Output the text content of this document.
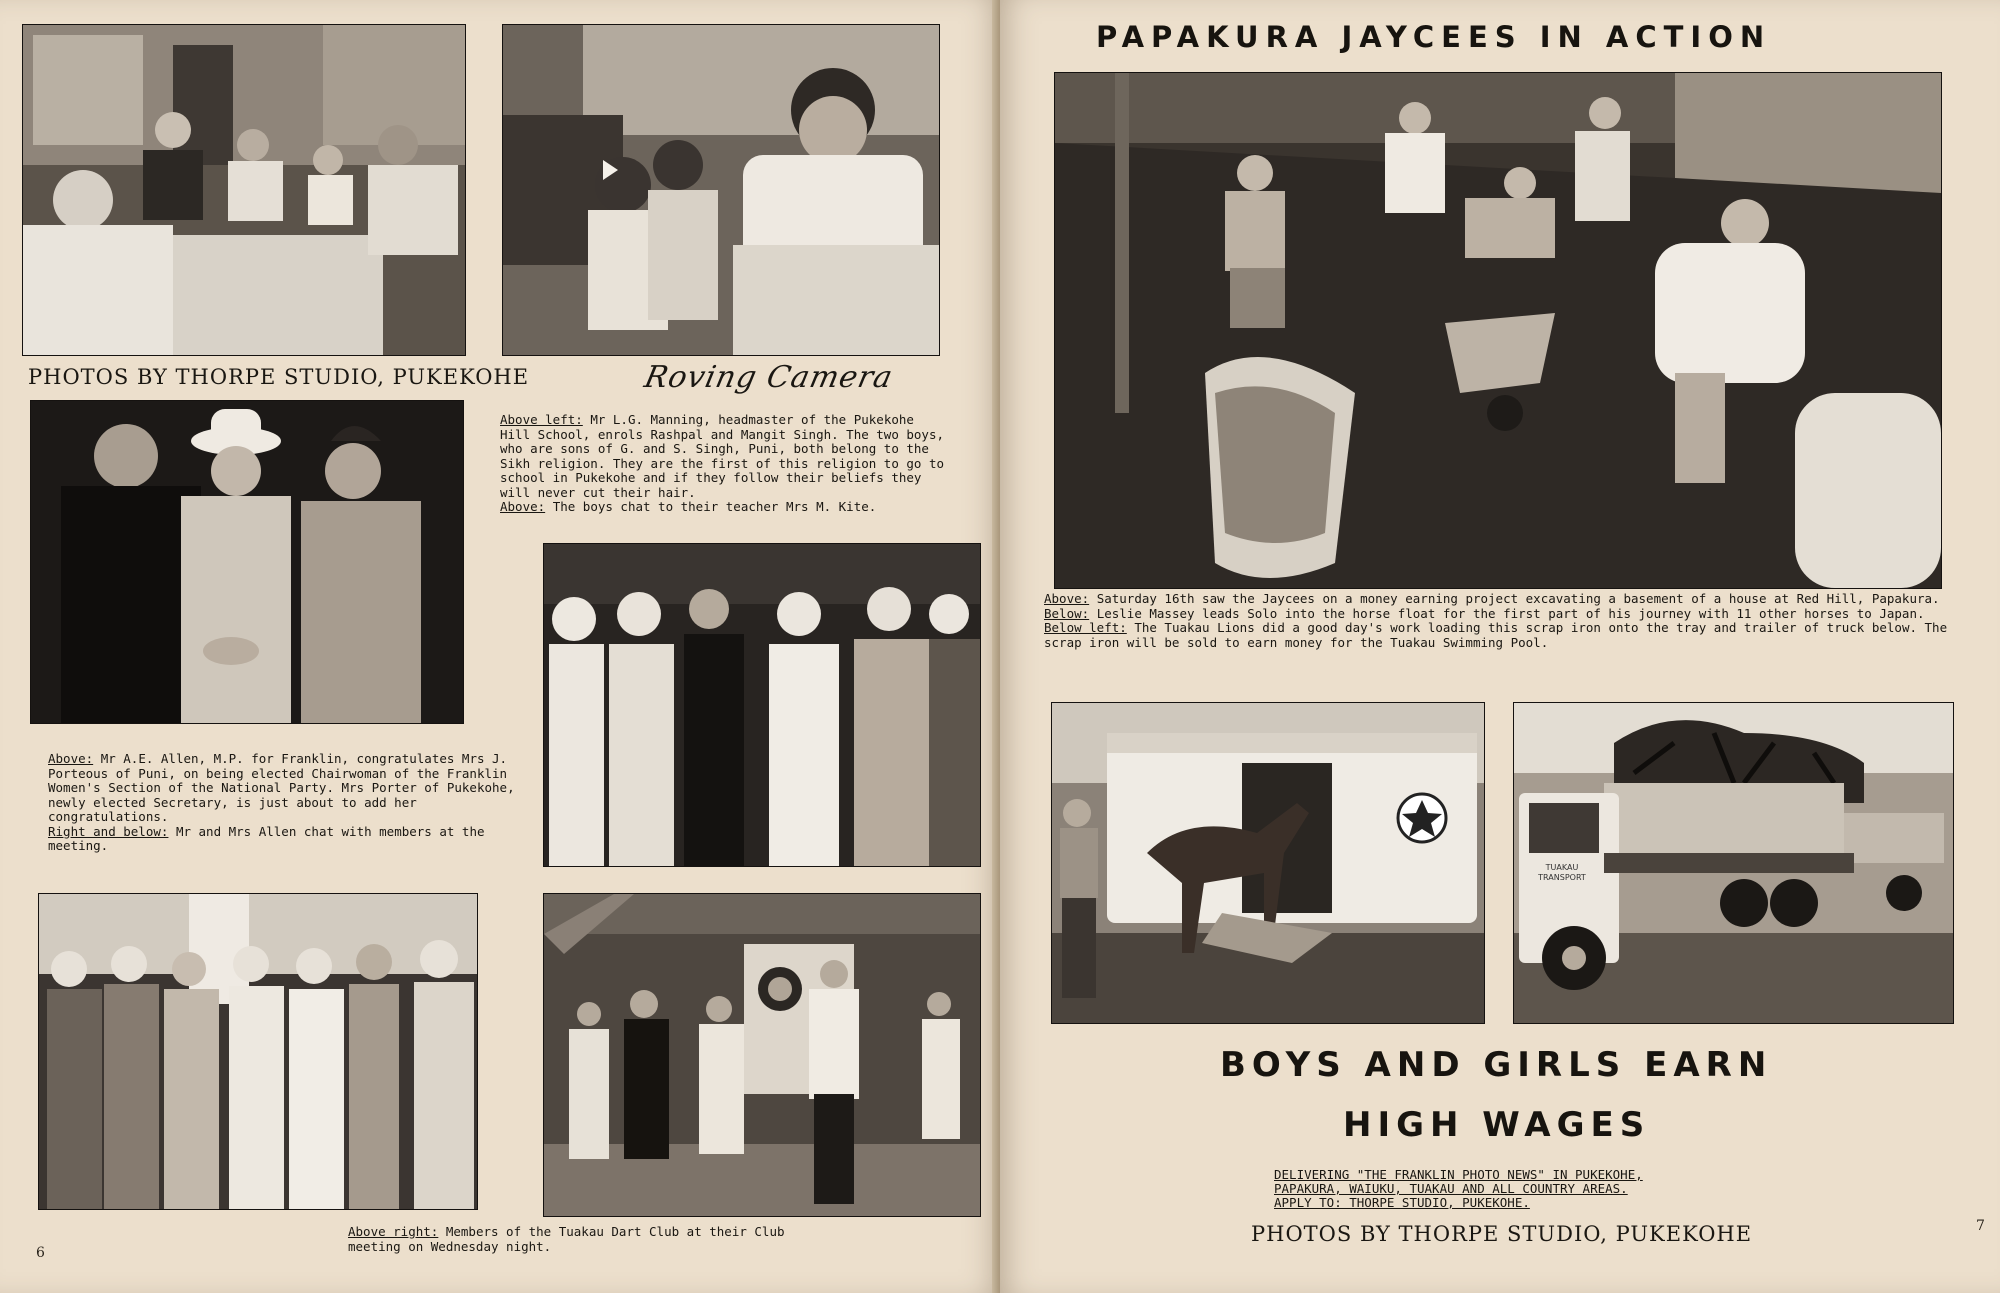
PHOTOS BY THORPE STUDIO, PUKEKOHE	Roving Camera

Above: Mr A.E. Allen, M.P. for Franklin, congratulates Mrs J. Porteous of Puni, on being elected Chairwoman of the Franklin Women's Section of the National Party. Mrs Porter of Pukekohe, newly elected Secretary, is just about to add her congratulations.

Right and below: Mr and Mrs Allen chat with members at the meeting.

Above left: Mr L.G. Manning, headmaster of the Pukekohe Hill School, enrols Rashpal and Mangit Singh. The two boys, who are sons of G. and S. Singh, Puni, both belong to the Sikh religion. They are the first of this religion to go to school in Pukekohe and if they follow their beliefs they will never cut their hair.

Above: The boys chat to their teacher Mrs M. Kite.

Above right: Members of the Tuakau Dart Club at their Club meeting on Wednesday night.

6
PAPAKURA JAYCEES IN ACTION

Above: Saturday 16th saw the Jaycees on a money earning project excavating a basement of a house at Red Hill, Papakura.

Below: Leslie Massey leads Solo into the horse float for the first part of his journey with 11 other horses to Japan.

Below left: The Tuakau Lions did a good day's work loading this scrap iron onto the tray and trailer of truck below. The scrap iron will be sold to earn money for the Tuakau Swimming Pool.

TUAKAU TRANSPORT
BOYS AND GIRLS EARN
HIGH WAGES

DELIVERING "THE FRANKLIN PHOTO NEWS" IN PUKEKOHE,

PAPAKURA, WAIUKU, TUAKAU AND ALL COUNTRY AREAS.

APPLY TO: THORPE STUDIO, PUKEKOHE.

PHOTOS BY THORPE STUDIO, PUKEKOHE	7
